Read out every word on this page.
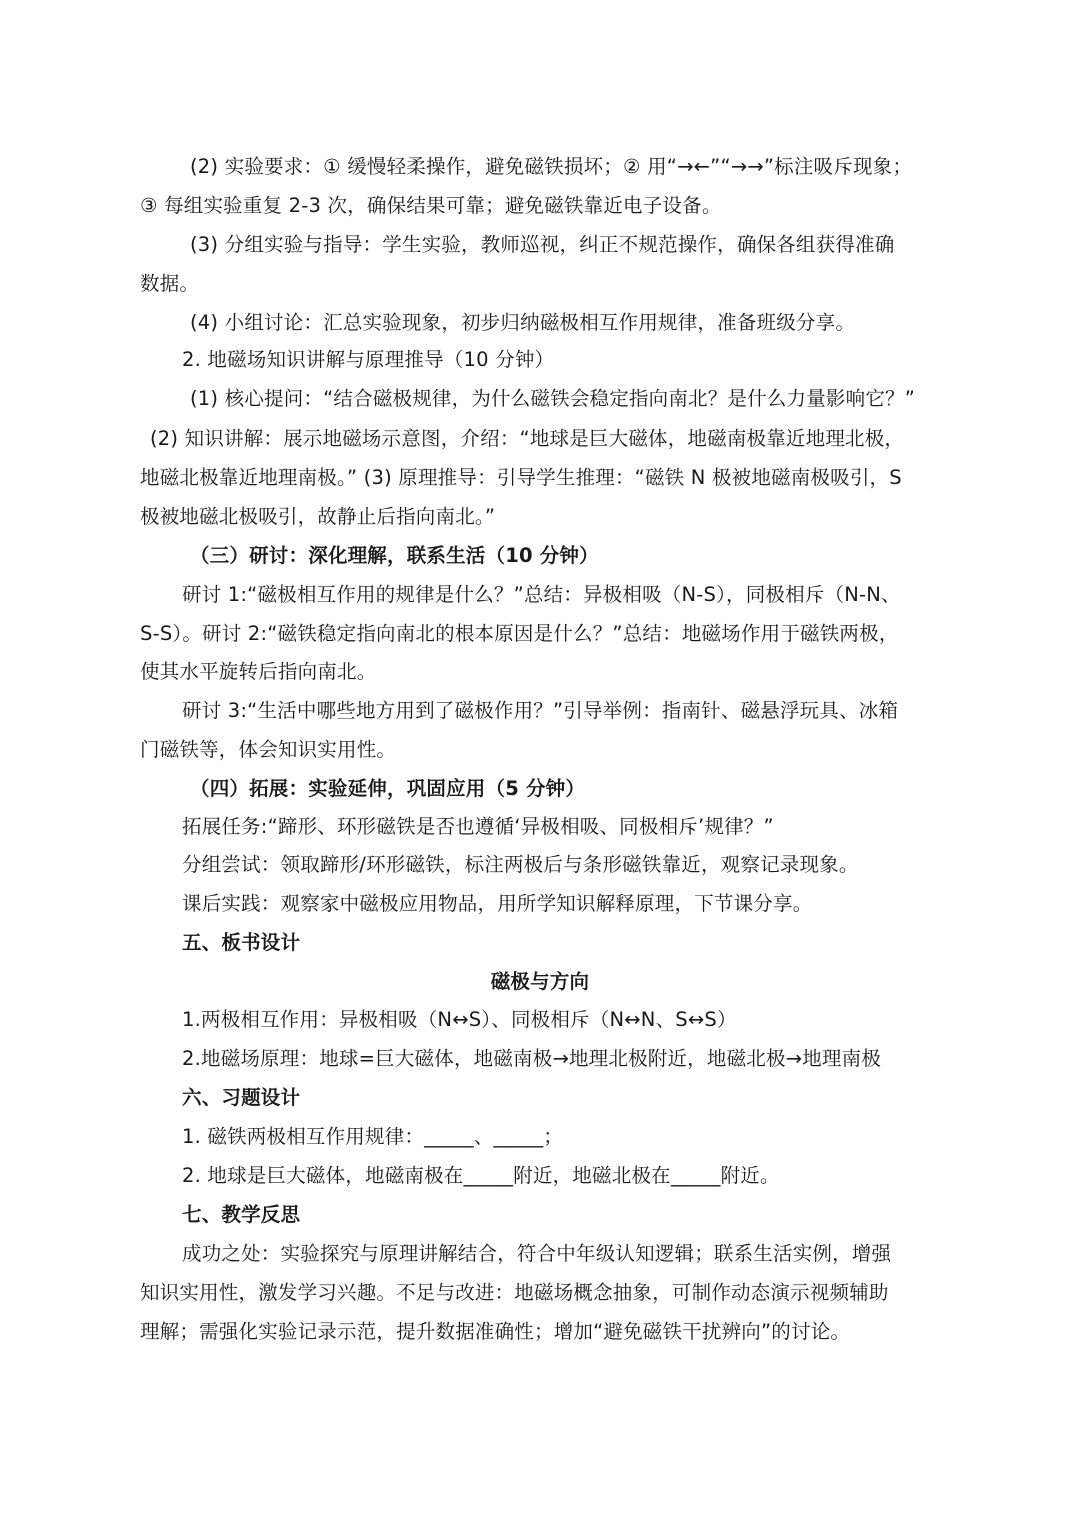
(2) 实验要求：① 缓慢轻柔操作，避免磁铁损坏；② 用“→←”“→→”标注吸斥现象；
③ 每组实验重复 2-3 次，确保结果可靠；避免磁铁靠近电子设备。
(3) 分组实验与指导：学生实验，教师巡视，纠正不规范操作，确保各组获得准确
数据。
(4) 小组讨论：汇总实验现象，初步归纳磁极相互作用规律，准备班级分享。
2. 地磁场知识讲解与原理推导（10 分钟）
(1) 核心提问：“结合磁极规律，为什么磁铁会稳定指向南北？是什么力量影响它？”
(2) 知识讲解：展示地磁场示意图，介绍：“地球是巨大磁体，地磁南极靠近地理北极，
地磁北极靠近地理南极。” (3) 原理推导：引导学生推理：“磁铁 N 极被地磁南极吸引，S
极被地磁北极吸引，故静止后指向南北。”
（三）研讨：深化理解，联系生活（10 分钟）
研讨 1:“磁极相互作用的规律是什么？”总结：异极相吸（N-S），同极相斥（N-N、
S-S）。研讨 2:“磁铁稳定指向南北的根本原因是什么？”总结：地磁场作用于磁铁两极，
使其水平旋转后指向南北。
研讨 3:“生活中哪些地方用到了磁极作用？”引导举例：指南针、磁悬浮玩具、冰箱
门磁铁等，体会知识实用性。
（四）拓展：实验延伸，巩固应用（5 分钟）
拓展任务:“蹄形、环形磁铁是否也遵循‘异极相吸、同极相斥’规律？”
分组尝试：领取蹄形/环形磁铁，标注两极后与条形磁铁靠近，观察记录现象。
课后实践：观察家中磁极应用物品，用所学知识解释原理，下节课分享。
五、板书设计
磁极与方向
1.两极相互作用：异极相吸（N↔S）、同极相斥（N↔N、S↔S）
2.地磁场原理：地球=巨大磁体，地磁南极→地理北极附近，地磁北极→地理南极
六、习题设计
1. 磁铁两极相互作用规律：_____、_____；
2. 地球是巨大磁体，地磁南极在_____附近，地磁北极在_____附近。
七、教学反思
成功之处：实验探究与原理讲解结合，符合中年级认知逻辑；联系生活实例，增强
知识实用性，激发学习兴趣。不足与改进：地磁场概念抽象，可制作动态演示视频辅助
理解；需强化实验记录示范，提升数据准确性；增加“避免磁铁干扰辨向”的讨论。
